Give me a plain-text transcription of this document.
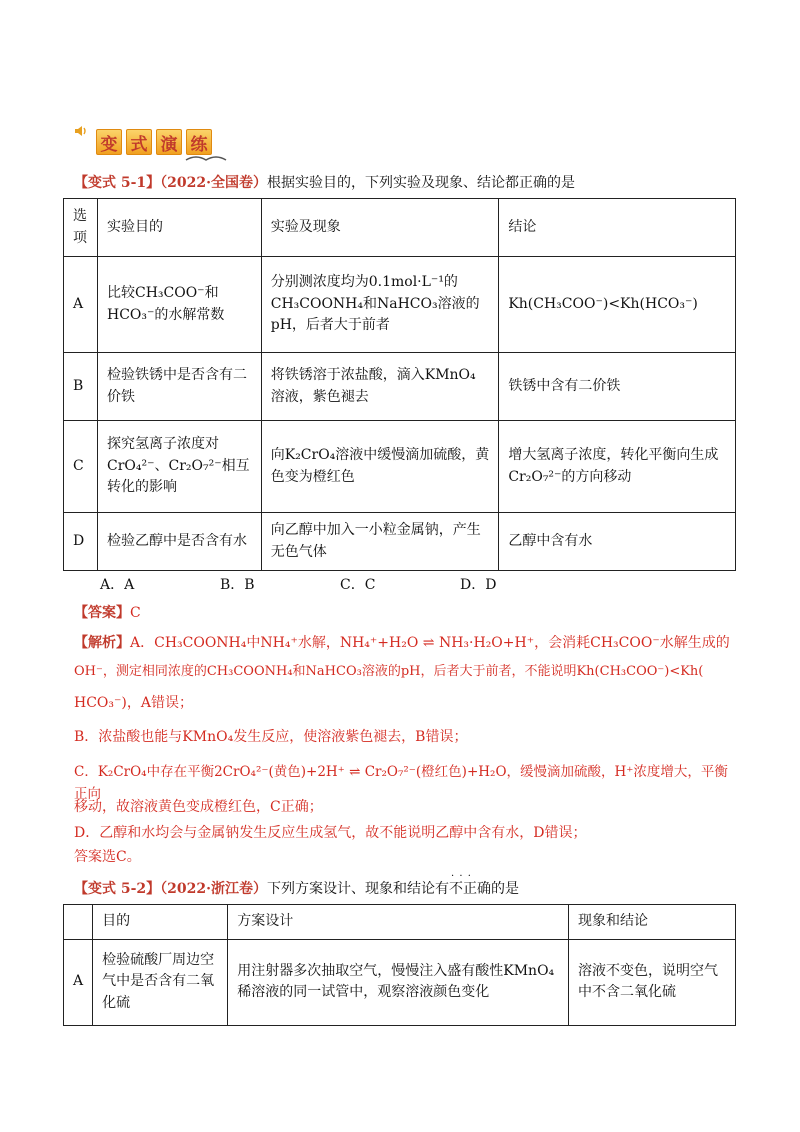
变 式 演 练
【变式 5-1】（2022·全国卷）根据实验目的，下列实验及现象、结论都正确的是
选项	实验目的	实验及现象	结论
A	比较CH₃COO⁻和HCO₃⁻的水解常数	分别测浓度均为0.1mol·L⁻¹的CH₃COONH₄和NaHCO₃溶液的pH，后者大于前者	Kh(CH₃COO⁻)<Kh(HCO₃⁻)
B	检验铁锈中是否含有二价铁	将铁锈溶于浓盐酸，滴入KMnO₄溶液，紫色褪去	铁锈中含有二价铁
C	探究氢离子浓度对CrO₄²⁻、Cr₂O₇²⁻相互转化的影响	向K₂CrO₄溶液中缓慢滴加硫酸，黄色变为橙红色	增大氢离子浓度，转化平衡向生成Cr₂O₇²⁻的方向移动
D	检验乙醇中是否含有水	向乙醇中加入一小粒金属钠，产生无色气体	乙醇中含有水
A．A	B．B	C．C	D．D
【答案】C
【解析】A．CH₃COONH₄中NH₄⁺水解，NH₄⁺+H₂O ⇌ NH₃·H₂O+H⁺，会消耗CH₃COO⁻水解生成的
OH⁻，测定相同浓度的CH₃COONH₄和NaHCO₃溶液的pH，后者大于前者，不能说明Kh(CH₃COO⁻)<Kh(
HCO₃⁻)，A错误；
B．浓盐酸也能与KMnO₄发生反应，使溶液紫色褪去，B错误；
C．K₂CrO₄中存在平衡2CrO₄²⁻(黄色)+2H⁺ ⇌ Cr₂O₇²⁻(橙红色)+H₂O，缓慢滴加硫酸，H⁺浓度增大，平衡正向
移动，故溶液黄色变成橙红色，C正确；
D．乙醇和水均会与金属钠发生反应生成氢气，故不能说明乙醇中含有水，D错误；
答案选C。
【变式 5-2】（2022·浙江卷）下列方案设计、现象和结论有· · · 不正确的是
	目的	方案设计	现象和结论
A	检验硫酸厂周边空气中是否含有二氧化硫	用注射器多次抽取空气，慢慢注入盛有酸性KMnO₄稀溶液的同一试管中，观察溶液颜色变化	溶液不变色，说明空气中不含二氧化硫
